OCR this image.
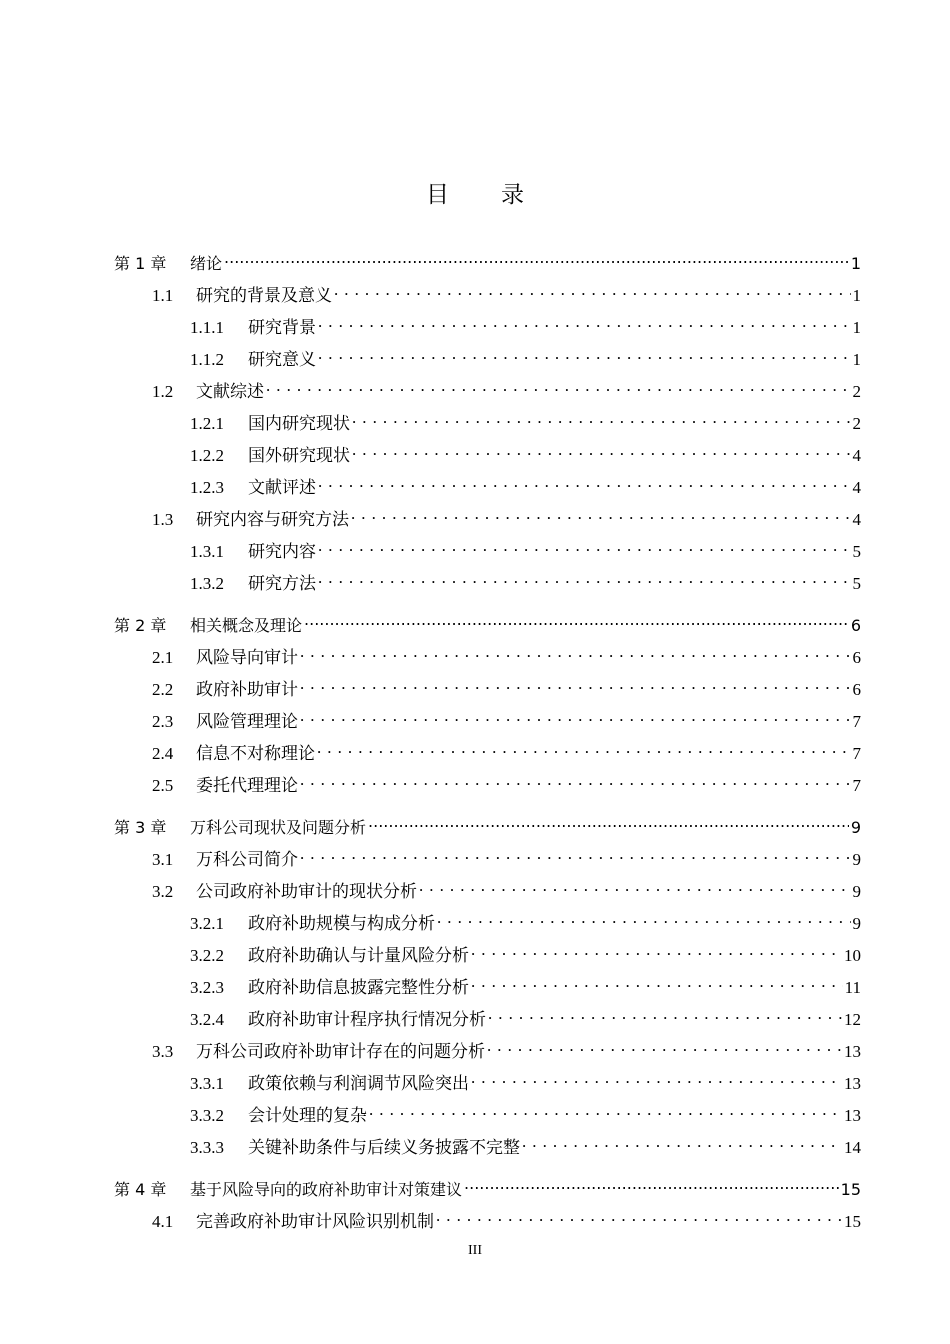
目 录
第 1 章	绪论 .....	1
1.1	研究的背景及意义 . . .	1
1.1.1	研究背景 . . .	1
1.1.2	研究意义 . . .	1
1.2	文献综述 . . .	2
1.2.1	国内研究现状 . . .	2
1.2.2	国外研究现状 . . .	4
1.2.3	文献评述 . . .	4
1.3	研究内容与研究方法 . . .	4
1.3.1	研究内容 . . .	5
1.3.2	研究方法 . . .	5
第 2 章	相关概念及理论 .....	6
2.1	风险导向审计 . . .	6
2.2	政府补助审计 . . .	6
2.3	风险管理理论 . . .	7
2.4	信息不对称理论 . . .	7
2.5	委托代理理论 . . .	7
第 3 章	万科公司现状及问题分析 .....	9
3.1	万科公司简介 . . .	9
3.2	公司政府补助审计的现状分析 . . .	9
3.2.1	政府补助规模与构成分析 . . .	9
3.2.2	政府补助确认与计量风险分析 . . .	10
3.2.3	政府补助信息披露完整性分析 . . .	11
3.2.4	政府补助审计程序执行情况分析 . . .	12
3.3	万科公司政府补助审计存在的问题分析 . . .	13
3.3.1	政策依赖与利润调节风险突出 . . .	13
3.3.2	会计处理的复杂 . . .	13
3.3.3	关键补助条件与后续义务披露不完整 . . .	14
第 4 章	基于风险导向的政府补助审计对策建议 .....	15
4.1	完善政府补助审计风险识别机制 . . .	15
III
